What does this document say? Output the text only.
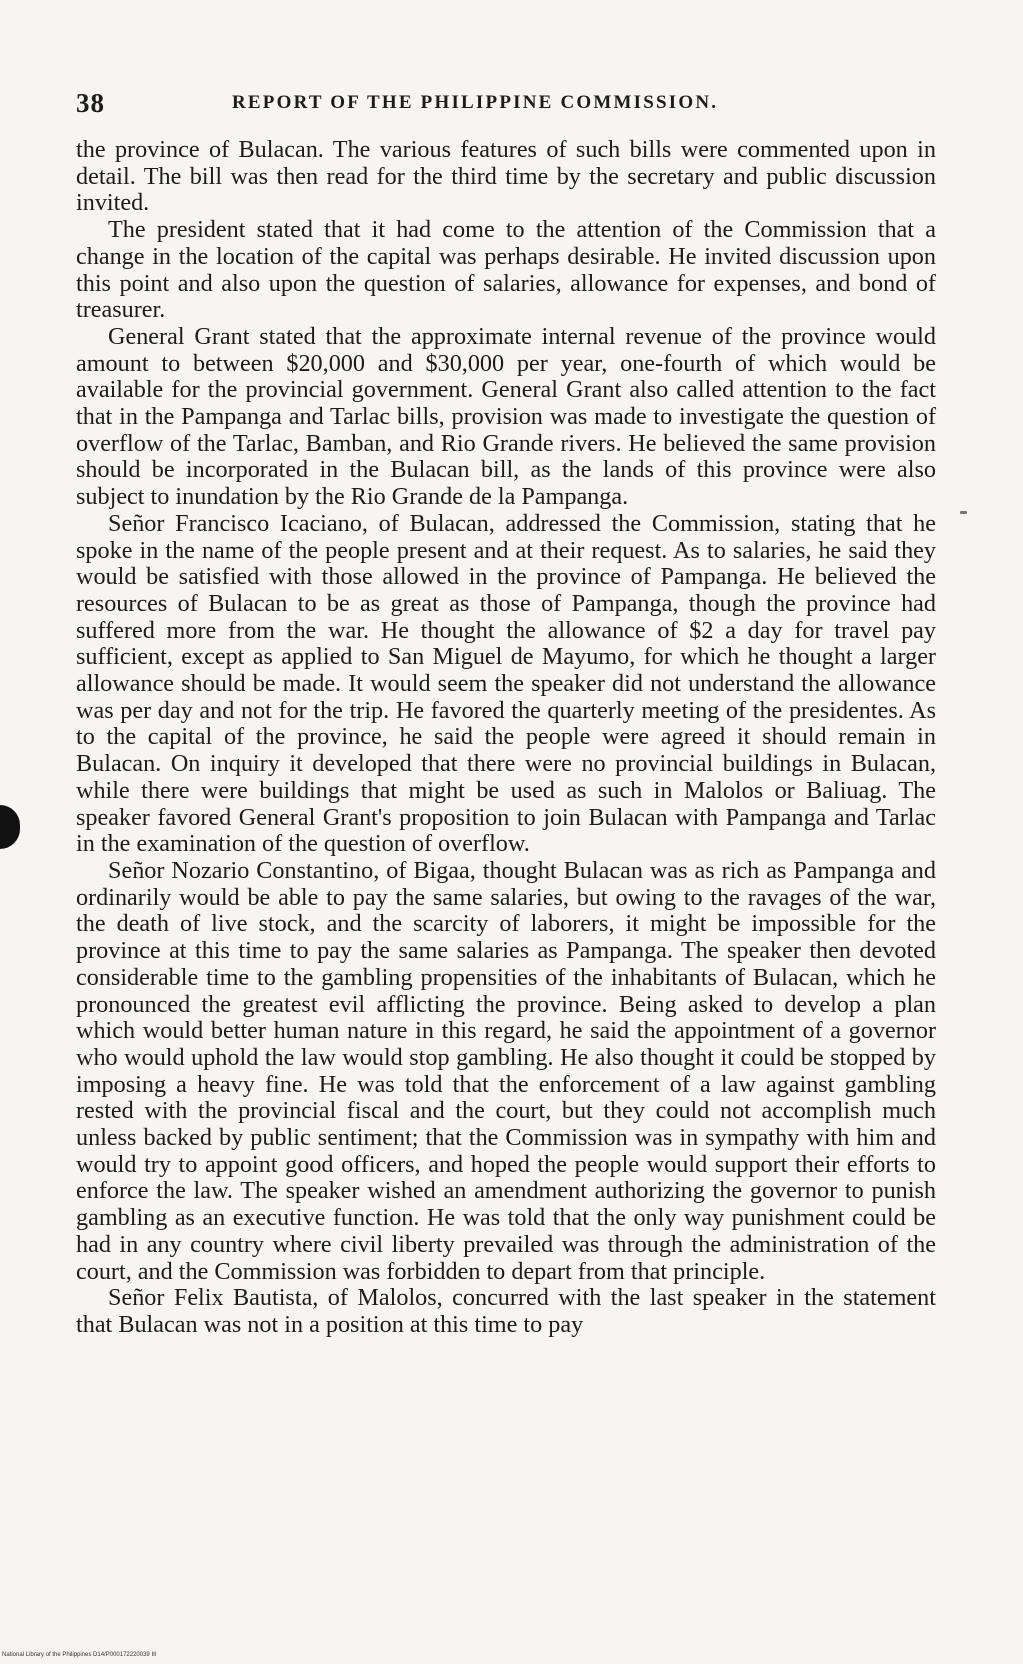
38	REPORT OF THE PHILIPPINE COMMISSION.

the province of Bulacan. The various features of such bills were commented upon in detail. The bill was then read for the third time by the secretary and public discussion invited.

The president stated that it had come to the attention of the Commission that a change in the location of the capital was perhaps desirable. He invited discussion upon this point and also upon the question of salaries, allowance for expenses, and bond of treasurer.

General Grant stated that the approximate internal revenue of the province would amount to between $20,000 and $30,000 per year, one-fourth of which would be available for the provincial government. General Grant also called attention to the fact that in the Pampanga and Tarlac bills, provision was made to investigate the question of overflow of the Tarlac, Bamban, and Rio Grande rivers. He believed the same provision should be incorporated in the Bulacan bill, as the lands of this province were also subject to inundation by the Rio Grande de la Pampanga.

Señor Francisco Icaciano, of Bulacan, addressed the Commission, stating that he spoke in the name of the people present and at their request. As to salaries, he said they would be satisfied with those allowed in the province of Pampanga. He believed the resources of Bulacan to be as great as those of Pampanga, though the province had suffered more from the war. He thought the allowance of $2 a day for travel pay sufficient, except as applied to San Miguel de Mayumo, for which he thought a larger allowance should be made. It would seem the speaker did not understand the allowance was per day and not for the trip. He favored the quarterly meeting of the presidentes. As to the capital of the province, he said the people were agreed it should remain in Bulacan. On inquiry it developed that there were no provincial buildings in Bulacan, while there were buildings that might be used as such in Malolos or Baliuag. The speaker favored General Grant's proposition to join Bulacan with Pampanga and Tarlac in the examination of the question of overflow.

Señor Nozario Constantino, of Bigaa, thought Bulacan was as rich as Pampanga and ordinarily would be able to pay the same salaries, but owing to the ravages of the war, the death of live stock, and the scarcity of laborers, it might be impossible for the province at this time to pay the same salaries as Pampanga. The speaker then devoted considerable time to the gambling propensities of the inhabitants of Bulacan, which he pronounced the greatest evil afflicting the province. Being asked to develop a plan which would better human nature in this regard, he said the appointment of a governor who would uphold the law would stop gambling. He also thought it could be stopped by imposing a heavy fine. He was told that the enforcement of a law against gambling rested with the provincial fiscal and the court, but they could not accomplish much unless backed by public sentiment; that the Commission was in sympathy with him and would try to appoint good officers, and hoped the people would support their efforts to enforce the law. The speaker wished an amendment authorizing the governor to punish gambling as an executive function. He was told that the only way punishment could be had in any country where civil liberty prevailed was through the administration of the court, and the Commission was forbidden to depart from that principle.

Señor Felix Bautista, of Malolos, concurred with the last speaker in the statement that Bulacan was not in a position at this time to pay

National Library of the Philippines D14/P000172220039 III
